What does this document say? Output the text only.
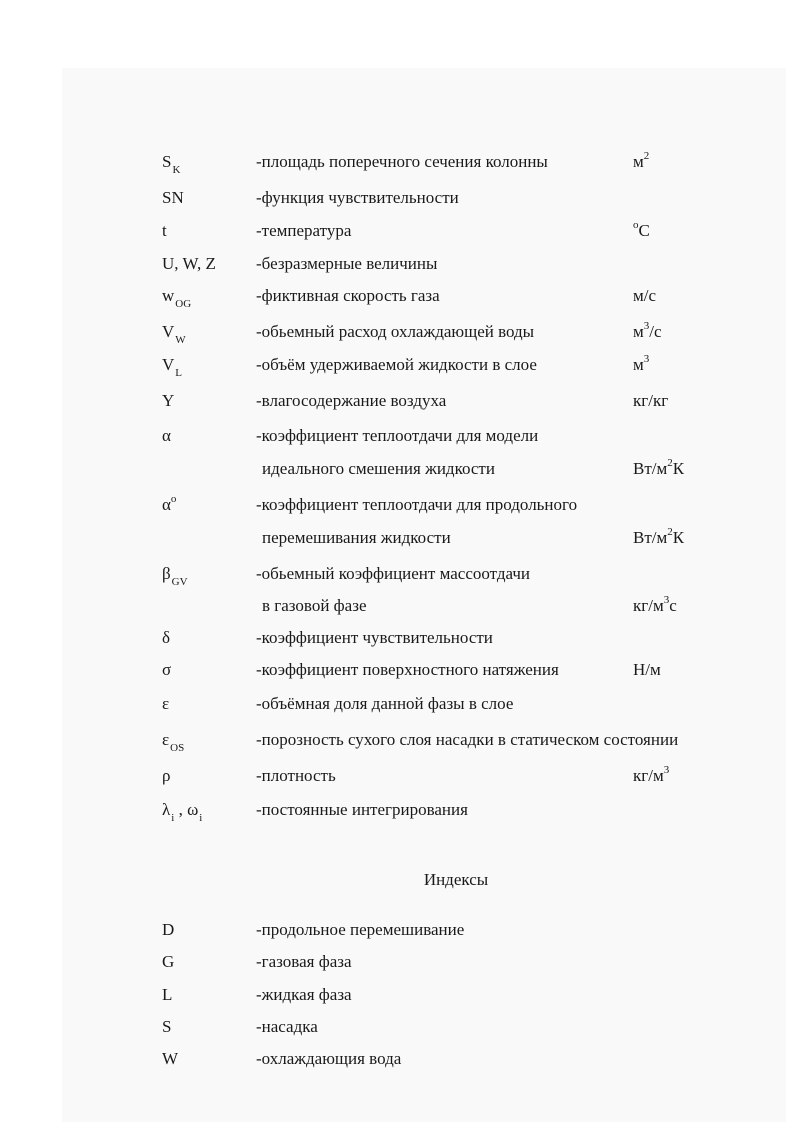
$S_K$	-площадь поперечного сечения колонны	$м^2$
SN	-функция чувствительности
t	-температура	$^o$C
U, W, Z -безразмерные величины
$w_{OG}$	-фиктивная скорость газа	м/с
$V_W$	-обьемный расход охлаждающей воды	$м^3/с$
$V_L$	-объём удерживаемой жидкости в слое	$м^3$
Y	-влагосодержание воздуха	кг/кг
α	-коэффициент теплоотдачи для модели
идеального смешения жидкости	$Вт/м^2К$
$\alpha^o$	-коэффициент теплоотдачи для продольного
перемешивания жидкости	$Вт/м^2К$
$\beta_{GV}$	-обьемный коэффициент массоотдачи
в газовой фазе	$кг/м^3с$
δ	-коэффициент чувствительности
σ	-коэффициент поверхностного натяжения	Н/м
ε	-объёмная доля данной фазы в слое
$\varepsilon_{OS}$	-порозность сухого слоя насадки в статическом состоянии
ρ	-плотность	$кг/м^3$
$\lambda_i$ , $\omega_i$	-постоянные интегрирования
Индексы
D	-продольное перемешивание
G	-газовая фаза
L	-жидкая фаза
S	-насадка
W	-охлаждающия вода
